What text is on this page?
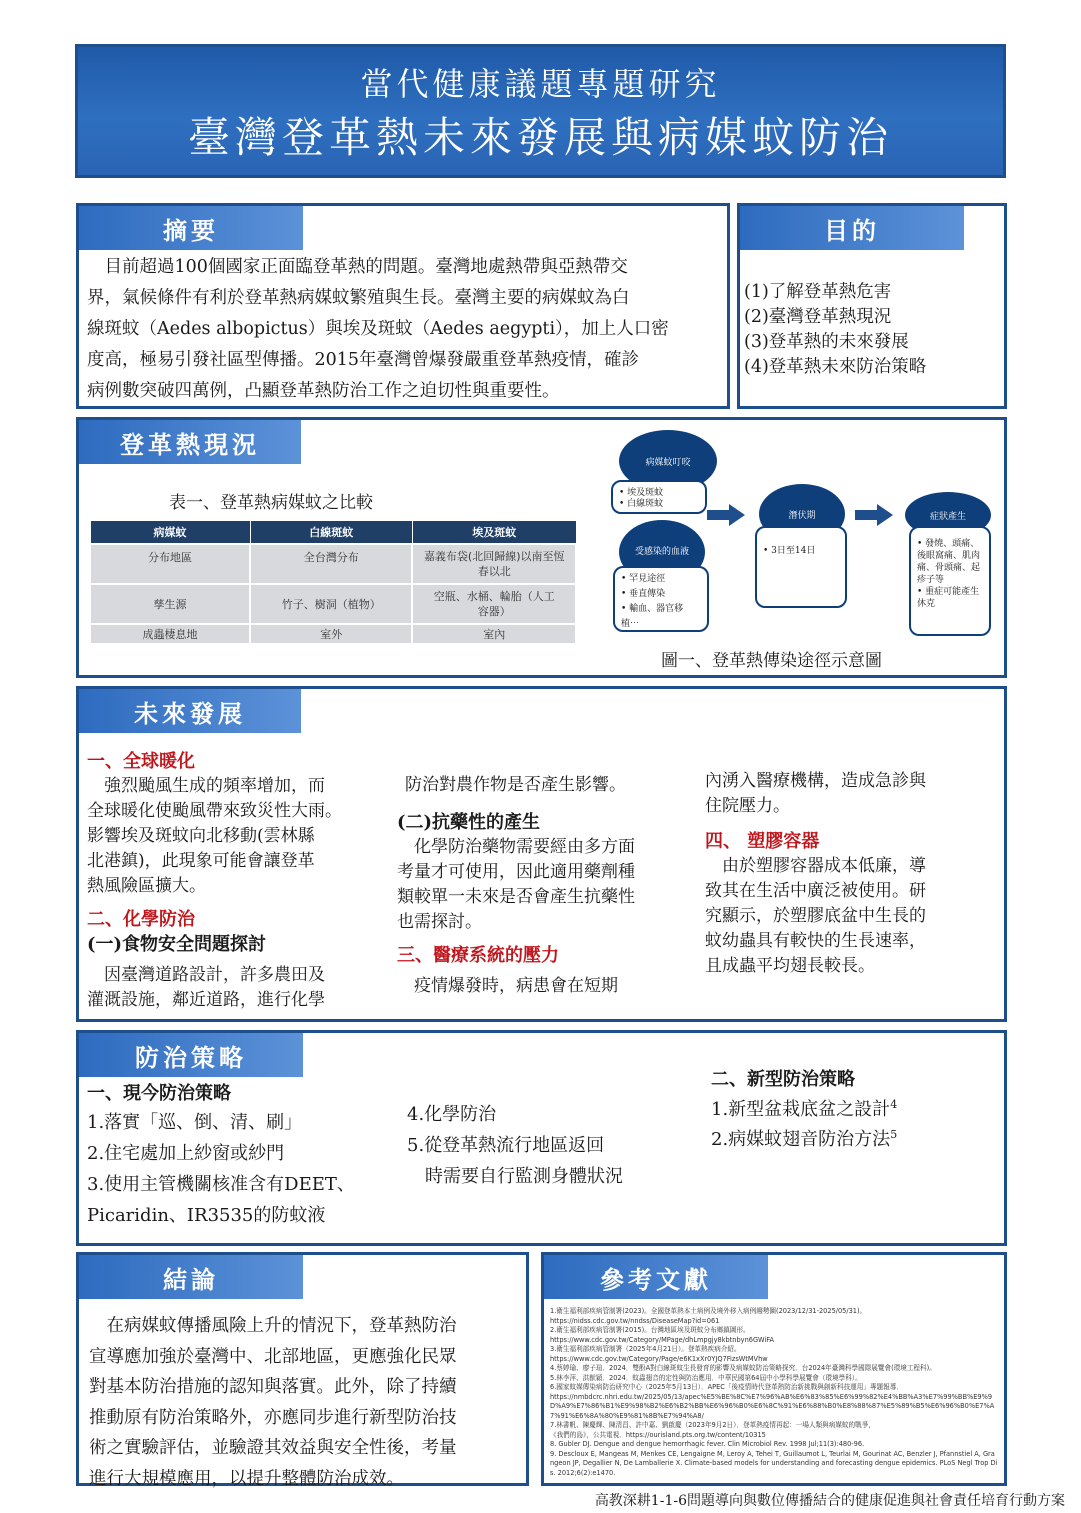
當代健康議題專題研究
臺灣登革熱未來發展與病媒蚊防治
摘要
　目前超過100個國家正面臨登革熱的問題。臺灣地處熱帶與亞熱帶交
界，氣候條件有利於登革熱病媒蚊繁殖與生長。臺灣主要的病媒蚊為白
線斑蚊（Aedes albopictus）與埃及斑蚊（Aedes aegypti），加上人口密
度高，極易引發社區型傳播。2015年臺灣曾爆發嚴重登革熱疫情，確診
病例數突破四萬例，凸顯登革熱防治工作之迫切性與重要性。
目的
(1)了解登革熱危害
(2)臺灣登革熱現況
(3)登革熱的未來發展
(4)登革熱未來防治策略
登革熱現況
表一、登革熱病媒蚊之比較
病媒蚊	白線斑蚊	埃及斑蚊
分布地區	全台灣分布	嘉義布袋(北回歸線)以南至恆春以北
孳生源	竹子、樹洞（植物）	空瓶、水桶、輪胎（人工容器）
成蟲棲息地	室外	室內
病媒蚊叮咬
• 埃及斑蚊
• 白線斑蚊
受感染的血液
• 罕見途徑
• 垂直傳染
• 輸血、器官移植⋯
潛伏期
• 3日至14日
症狀產生
• 發燒、頭痛、後眼窩痛、肌肉痛、骨頭痛、起疹子等
• 重症可能產生休克
圖一、登革熱傳染途徑示意圖
未來發展
一、全球暖化
　強烈颱風生成的頻率增加，而
全球暖化使颱風帶來致災性大雨。
影響埃及斑蚊向北移動(雲林縣
北港鎮)，此現象可能會讓登革
熱風險區擴大。
二、化學防治
(一)食物安全問題探討
　因臺灣道路設計，許多農田及
灌溉設施，鄰近道路，進行化學
防治對農作物是否產生影響。
(二)抗藥性的產生
　化學防治藥物需要經由多方面
考量才可使用，因此適用藥劑種
類較單一未來是否會產生抗藥性
也需探討。
三、醫療系統的壓力
　疫情爆發時，病患會在短期
內湧入醫療機構，造成急診與
住院壓力。
四、 塑膠容器
　由於塑膠容器成本低廉，導
致其在生活中廣泛被使用。研
究顯示，於塑膠底盆中生長的
蚊幼蟲具有較快的生長速率，
且成蟲平均翅長較長。
防治策略
一、現今防治策略
1.落實「巡、倒、清、刷」
2.住宅處加上紗窗或紗門
3.使用主管機關核准含有DEET、
Picaridin、IR3535的防蚊液
4.化學防治
5.從登革熱流行地區返回
　時需要自行監測身體狀況
二、新型防治策略
1.新型盆栽底盆之設計$^4$
2.病媒蚊翅音防治方法$^5$
結論
　在病媒蚊傳播風險上升的情況下，登革熱防治
宣導應加強於臺灣中、北部地區，更應強化民眾
對基本防治措施的認知與落實。此外，除了持續
推動原有防治策略外，亦應同步進行新型防治技
術之實驗評估，並驗證其效益與安全性後，考量
進行大規模應用，以提升整體防治成效。
參考文獻
1.衛生福利部疾病管制署(2023)。全國登革熱本土病例及境外移入病例趨勢圖(2023/12/31-2025/05/31)。
https://nidss.cdc.gov.tw/nndss/DiseaseMap?id=061
2.衛生福利部疾病管制署(2015)。台灣地區埃及斑蚊分布鄉鎮圖形。
https://www.cdc.gov.tw/Category/MPage/dhLmpgjy8kbtnbyn6GWiFA
3.衛生福利部疾病管制署（2025年4月21日）。登革熱疾病介紹。
https://www.cdc.gov.tw/Category/Page/e6K1xXr0YJQ7FizsWtMVhw
4.蔡婷瑜、廖子瑄．2024．雙酚A對白線斑蚊生長發育的影響及病媒蚊防治策略探究．台2024年臺灣科學國際展覽會(環境工程科)。
5.林李萍、洪猷穎．2024．蚊蟲翅音的定性與防治應用．中華民國第64屆中小學科學展覽會（環境學科）。
6.國家蚊媒傳染病防治研究中心（2025年5月13日）．APEC「後疫情時代登革熱防治新挑戰與創新科技運用」專題報導．
https://nmbdcrc.nhri.edu.tw/2025/05/13/apec%E5%BE%8C%E7%96%AB%E6%83%85%E6%99%82%E4%BB%A3%E7%99%BB%E9%9D%A9%E7%86%B1%E9%98%B2%E6%B2%BB%E6%96%B0%E6%8C%91%E6%88%B0%E8%88%87%E5%89%B5%E6%96%B0%E7%A7%91%E6%8A%80%E9%81%8B%E7%94%A8/
7.林書帆、陳慶輝、陳清昌、許中嘉、劉啟慶（2023年9月2日）．登革熱疫情再起：一場人類與病媒蚊的戰爭，
《我們的島》，公共電視．https://ourisland.pts.org.tw/content/10315
8. Gubler DJ. Dengue and dengue hemorrhagic fever. Clin Microbiol Rev. 1998 Jul;11(3):480-96.
9. Descloux E, Mangeas M, Menkes CE, Lengaigne M, Leroy A, Tehei T, Guillaumot L, Teurlai M, Gourinat AC, Benzler J, Pfannstiel A, Grangeon JP, Degallier N, De Lamballerie X. Climate-based models for understanding and forecasting dengue epidemics. PLoS Negl Trop Dis. 2012;6(2):e1470.
高教深耕1-1-6問題導向與數位傳播結合的健康促進與社會責任培育行動方案
